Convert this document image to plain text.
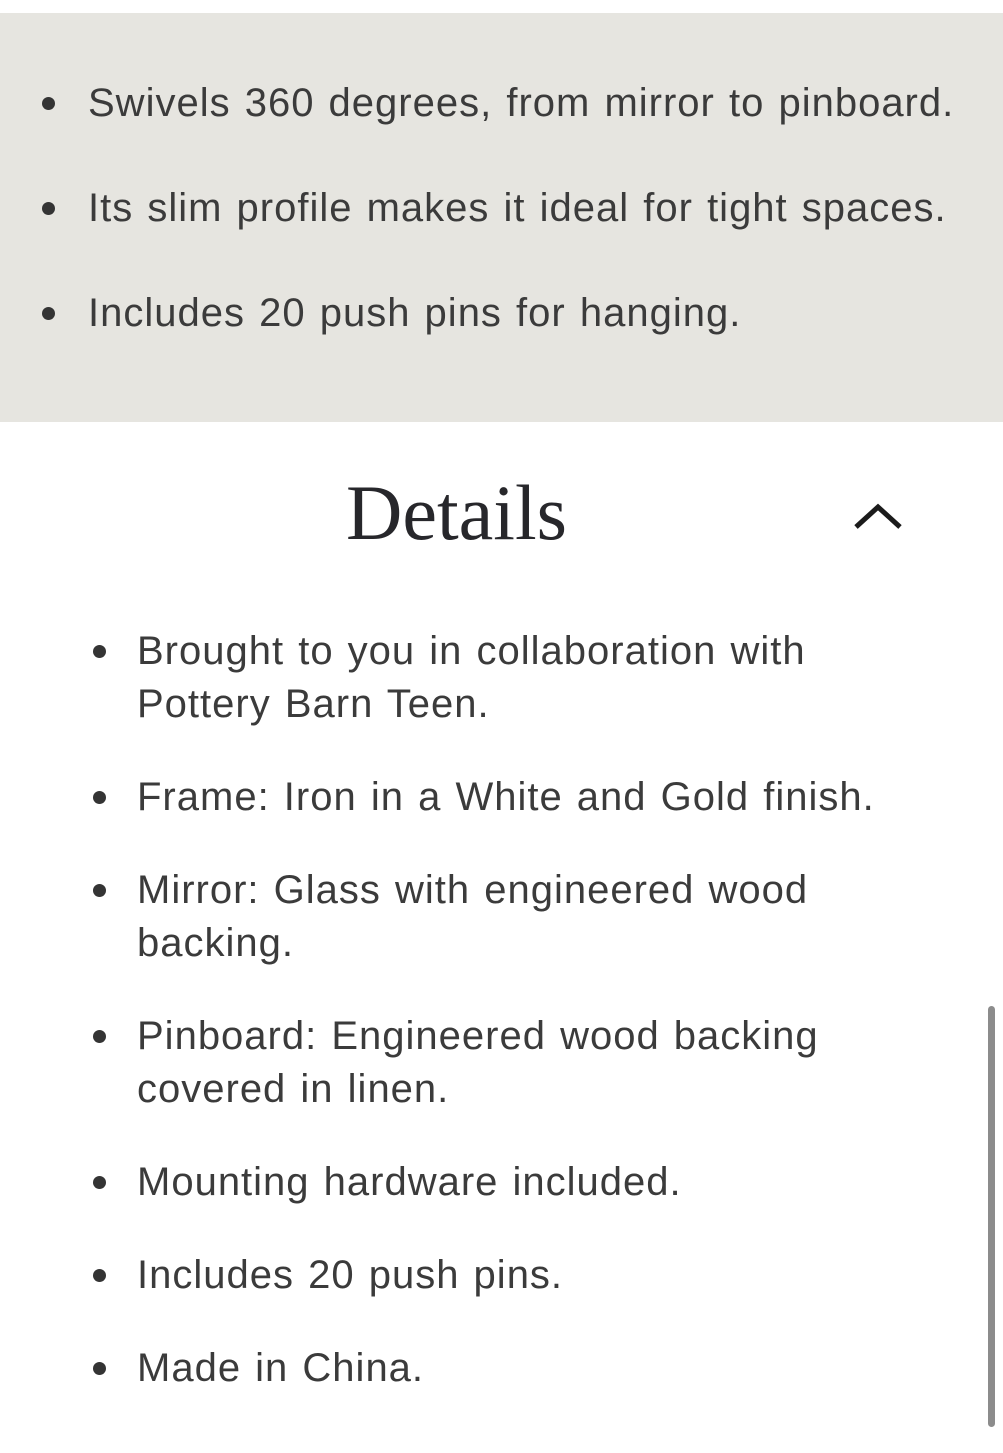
Swivels 360 degrees, from mirror to pinboard.
Its slim profile makes it ideal for tight spaces.
Includes 20 push pins for hanging.
Details
Brought to you in collaboration with Pottery Barn Teen.
Frame: Iron in a White and Gold finish.
Mirror: Glass with engineered wood backing.
Pinboard: Engineered wood backing covered in linen.
Mounting hardware included.
Includes 20 push pins.
Made in China.
